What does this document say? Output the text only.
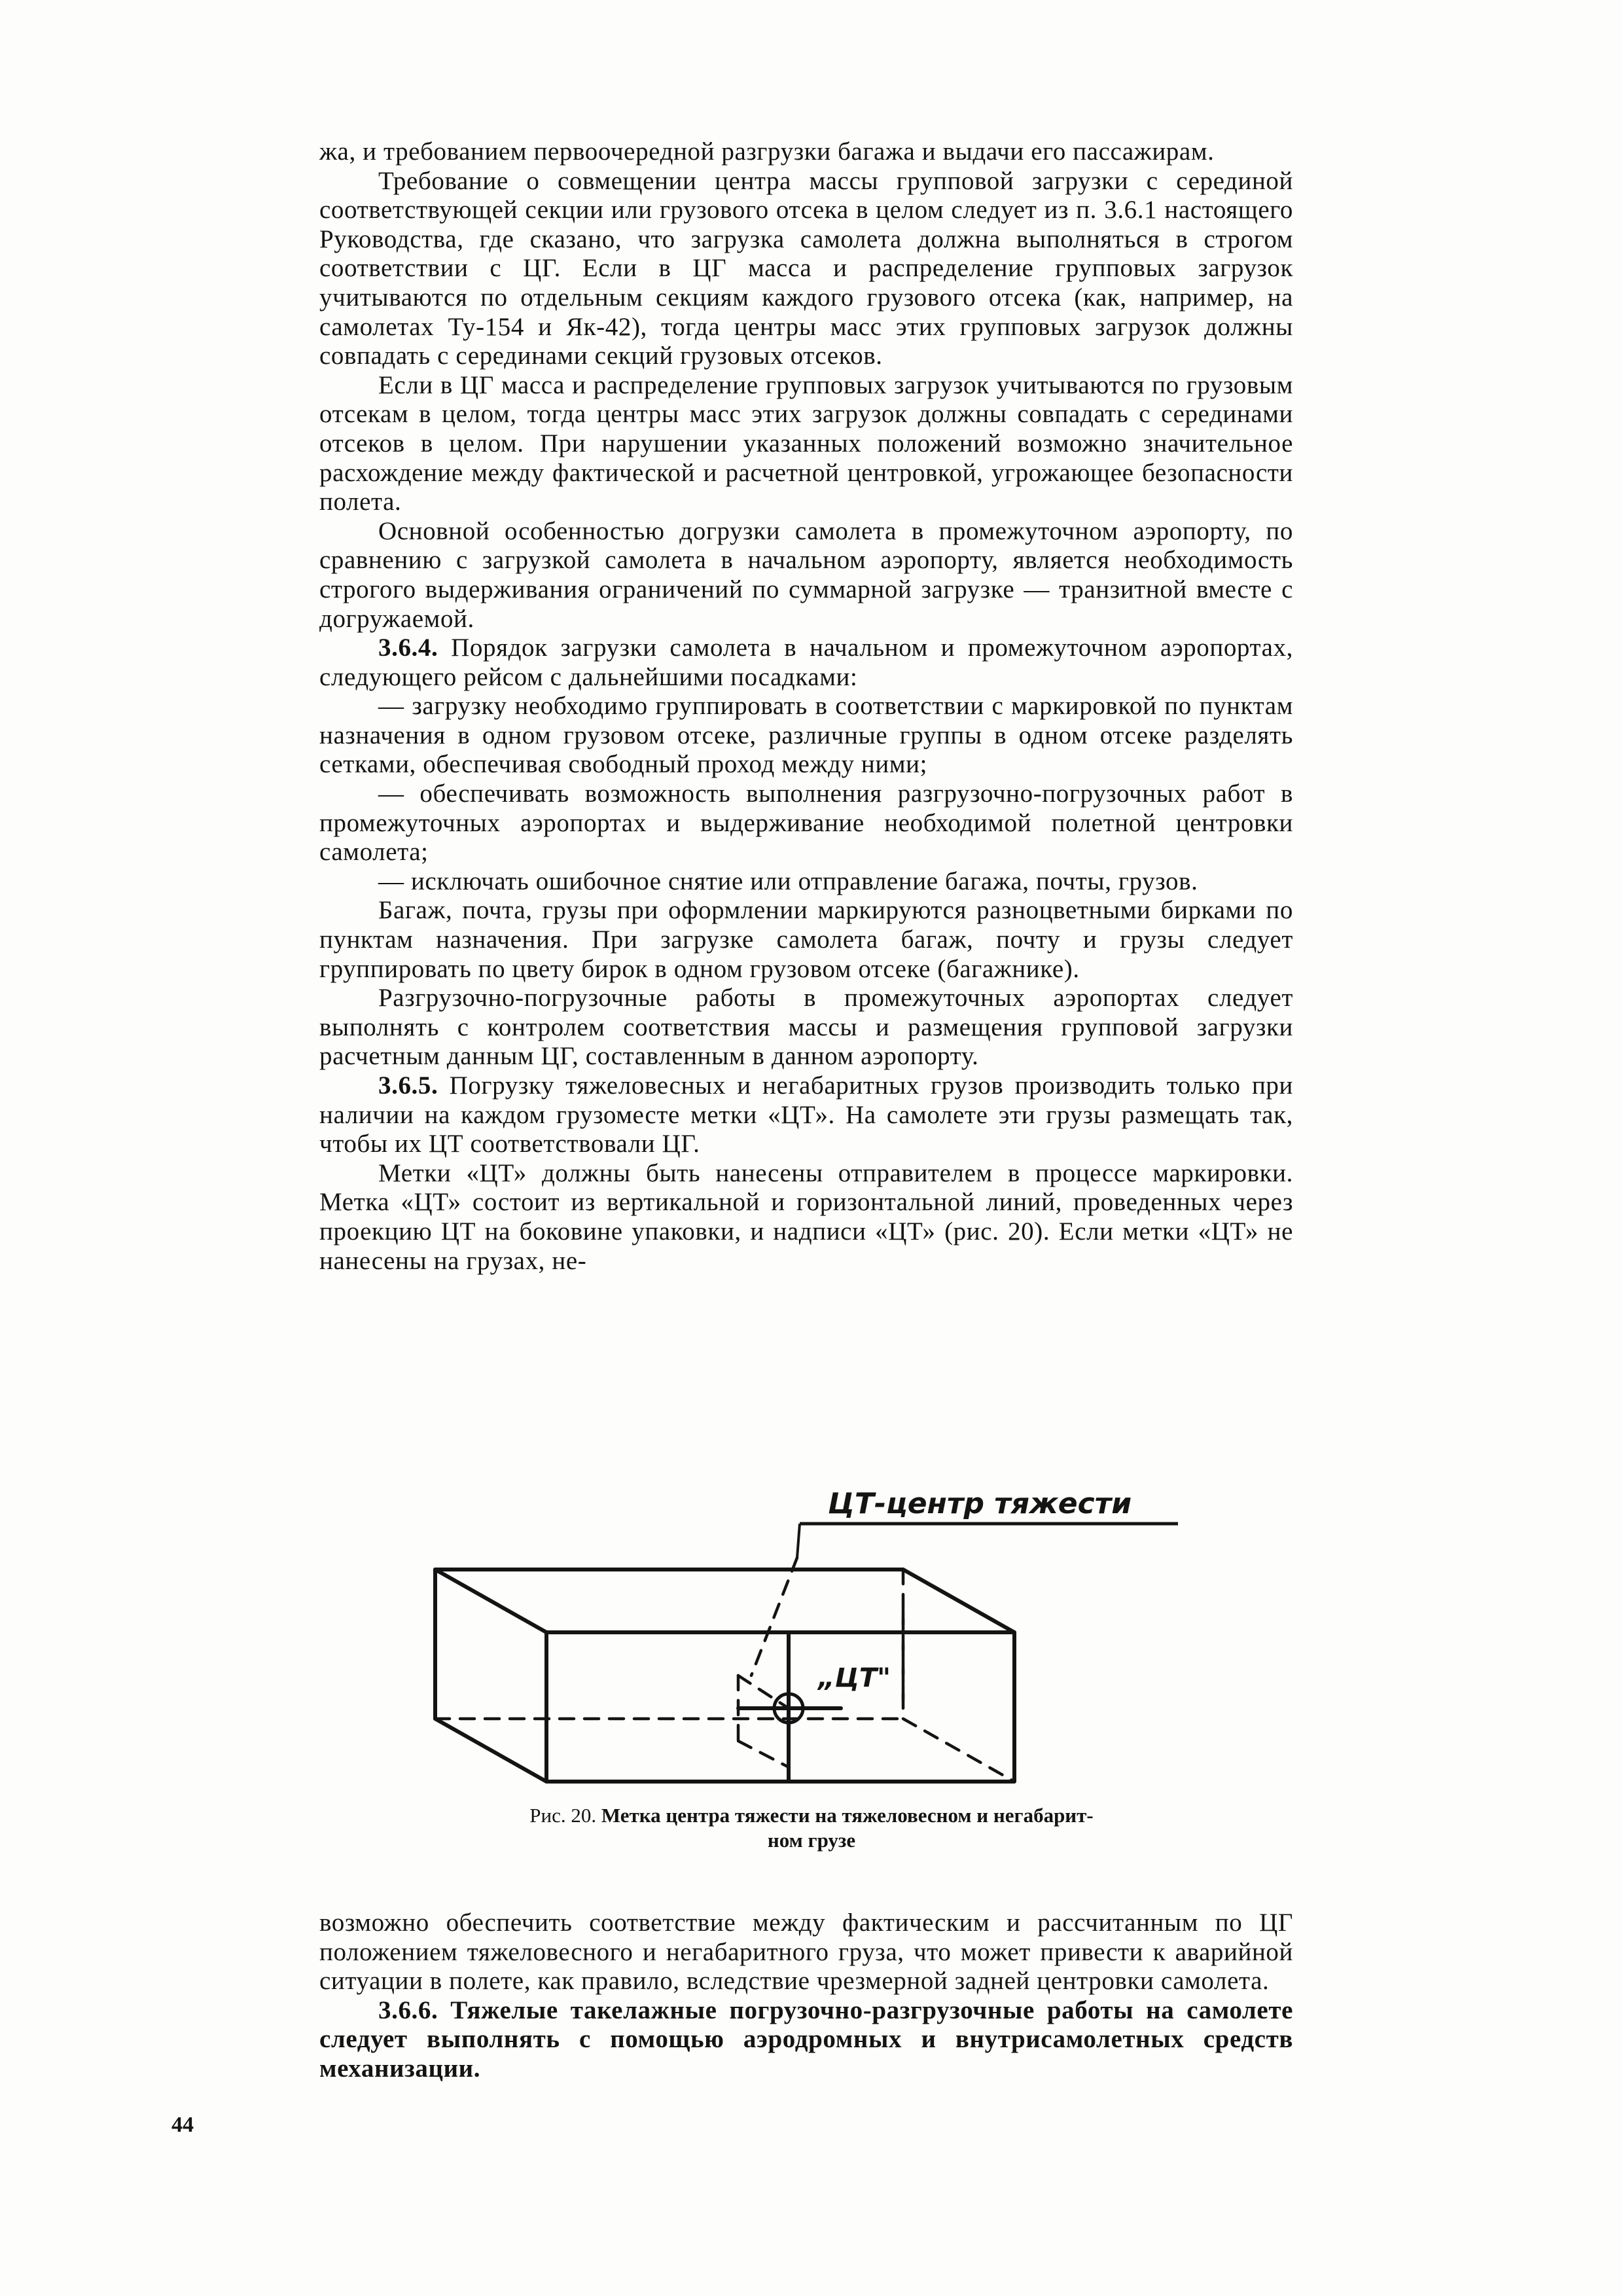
жа, и требованием первоочередной разгрузки багажа и выдачи его пассажирам.

Требование о совмещении центра массы групповой загрузки с серединой соответствующей секции или грузового отсека в целом следует из п. 3.6.1 настоящего Руководства, где сказано, что загрузка самолета должна выполняться в строгом соответствии с ЦГ. Если в ЦГ масса и распределение групповых загрузок учитываются по отдельным секциям каждого грузового отсека (как, например, на самолетах Ту-154 и Як-42), тогда центры масс этих групповых загрузок должны совпадать с серединами секций грузовых отсеков.

Если в ЦГ масса и распределение групповых загрузок учитываются по грузовым отсекам в целом, тогда центры масс этих загрузок должны совпадать с серединами отсеков в целом. При нарушении указанных положений возможно значительное расхождение между фактической и расчетной центровкой, угрожающее безопасности полета.

Основной особенностью догрузки самолета в промежуточном аэропорту, по сравнению с загрузкой самолета в начальном аэропорту, является необходимость строгого выдерживания ограничений по суммарной загрузке — транзитной вместе с догружаемой.

3.6.4. Порядок загрузки самолета в начальном и промежуточном аэропортах, следующего рейсом с дальнейшими посадками:

— загрузку необходимо группировать в соответствии с маркировкой по пунктам назначения в одном грузовом отсеке, различные группы в одном отсеке разделять сетками, обеспечивая свободный проход между ними;

— обеспечивать возможность выполнения разгрузочно-погрузочных работ в промежуточных аэропортах и выдерживание необходимой полетной центровки самолета;

— исключать ошибочное снятие или отправление багажа, почты, грузов.

Багаж, почта, грузы при оформлении маркируются разноцветными бирками по пунктам назначения. При загрузке самолета багаж, почту и грузы следует группировать по цвету бирок в одном грузовом отсеке (багажнике).

Разгрузочно-погрузочные работы в промежуточных аэропортах следует выполнять с контролем соответствия массы и размещения групповой загрузки расчетным данным ЦГ, составленным в данном аэропорту.

3.6.5. Погрузку тяжеловесных и негабаритных грузов производить только при наличии на каждом грузоместе метки «ЦТ». На самолете эти грузы размещать так, чтобы их ЦТ соответствовали ЦГ.

Метки «ЦТ» должны быть нанесены отправителем в процессе маркировки. Метка «ЦТ» состоит из вертикальной и горизонтальной линий, проведенных через проекцию ЦТ на боковине упаковки, и надписи «ЦТ» (рис. 20). Если метки «ЦТ» не нанесены на грузах, не-

ЦТ-центр тяжести
„ЦТ"
Рис. 20. Метка центра тяжести на тяжеловесном и негабарит-
ном грузе

возможно обеспечить соответствие между фактическим и рассчитанным по ЦГ положением тяжеловесного и негабаритного груза, что может привести к аварийной ситуации в полете, как правило, вследствие чрезмерной задней центровки самолета.

3.6.6. Тяжелые такелажные погрузочно-разгрузочные работы на самолете следует выполнять с помощью аэродромных и внутрисамолетных средств механизации.

44
